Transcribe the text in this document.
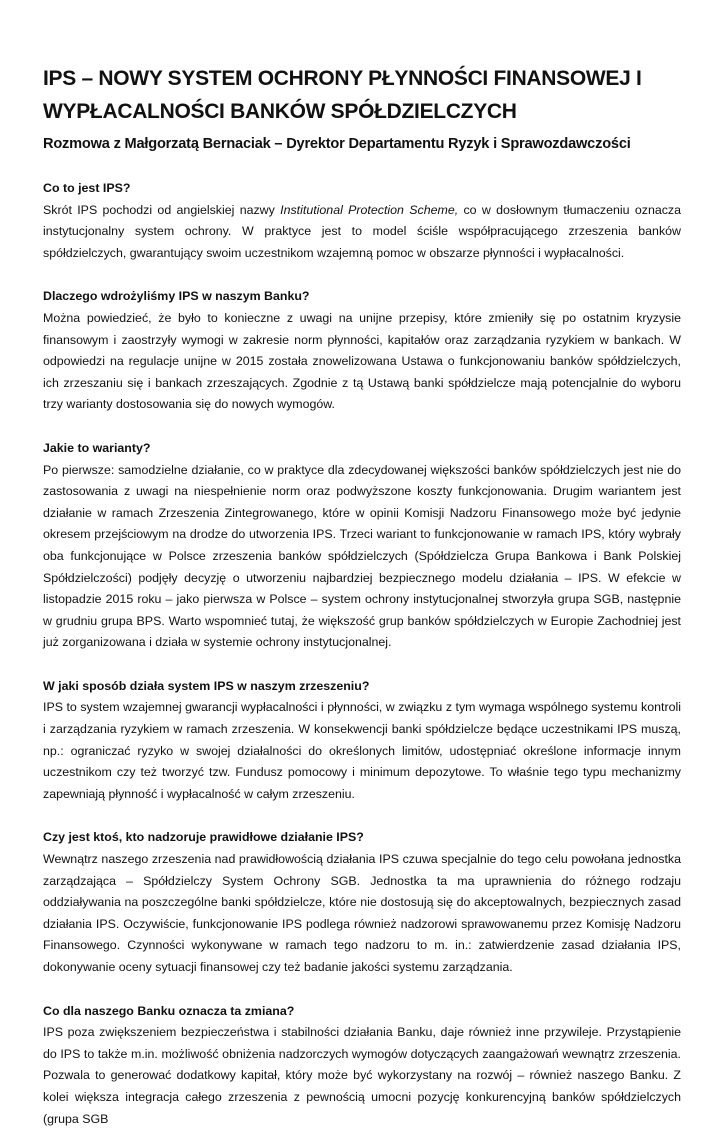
IPS – NOWY SYSTEM OCHRONY PŁYNNOŚCI FINANSOWEJ I WYPŁACALNOŚCI BANKÓW SPÓŁDZIELCZYCH
Rozmowa z Małgorzatą Bernaciak – Dyrektor Departamentu Ryzyk i Sprawozdawczości

Co to jest IPS?

Skrót IPS pochodzi od angielskiej nazwy Institutional Protection Scheme, co w dosłownym tłumaczeniu oznacza instytucjonalny system ochrony. W praktyce jest to model ściśle współpracującego zrzeszenia banków spółdzielczych, gwarantujący swoim uczestnikom wzajemną pomoc w obszarze płynności i wypłacalności.

Dlaczego wdrożyliśmy IPS w naszym Banku?

Można powiedzieć, że było to konieczne z uwagi na unijne przepisy, które zmieniły się po ostatnim kryzysie finansowym i zaostrzyły wymogi w zakresie norm płynności, kapitałów oraz zarządzania ryzykiem w bankach. W odpowiedzi na regulacje unijne w 2015 została znowelizowana Ustawa o funkcjonowaniu banków spółdzielczych, ich zrzeszaniu się i bankach zrzeszających. Zgodnie z tą Ustawą banki spółdzielcze mają potencjalnie do wyboru trzy warianty dostosowania się do nowych wymogów.

Jakie to warianty?

Po pierwsze: samodzielne działanie, co w praktyce dla zdecydowanej większości banków spółdzielczych jest nie do zastosowania z uwagi na niespełnienie norm oraz podwyższone koszty funkcjonowania. Drugim wariantem jest działanie w ramach Zrzeszenia Zintegrowanego, które w opinii Komisji Nadzoru Finansowego może być jedynie okresem przejściowym na drodze do utworzenia IPS. Trzeci wariant to funkcjonowanie w ramach IPS, który wybrały oba funkcjonujące w Polsce zrzeszenia banków spółdzielczych (Spółdzielcza Grupa Bankowa i Bank Polskiej Spółdzielczości) podjęły decyzję o utworzeniu najbardziej bezpiecznego modelu działania – IPS. W efekcie w listopadzie 2015 roku – jako pierwsza w Polsce – system ochrony instytucjonalnej stworzyła grupa SGB, następnie w grudniu grupa BPS. Warto wspomnieć tutaj, że większość grup banków spółdzielczych w Europie Zachodniej jest już zorganizowana i działa w systemie ochrony instytucjonalnej.

W jaki sposób działa system IPS w naszym zrzeszeniu?

IPS to system wzajemnej gwarancji wypłacalności i płynności, w związku z tym wymaga wspólnego systemu kontroli i zarządzania ryzykiem w ramach zrzeszenia. W konsekwencji banki spółdzielcze będące uczestnikami IPS muszą, np.: ograniczać ryzyko w swojej działalności do określonych limitów, udostępniać określone informacje innym uczestnikom czy też tworzyć tzw. Fundusz pomocowy i minimum depozytowe. To właśnie tego typu mechanizmy zapewniają płynność i wypłacalność w całym zrzeszeniu.

Czy jest ktoś, kto nadzoruje prawidłowe działanie IPS?

Wewnątrz naszego zrzeszenia nad prawidłowością działania IPS czuwa specjalnie do tego celu powołana jednostka zarządzająca – Spółdzielczy System Ochrony SGB. Jednostka ta ma uprawnienia do różnego rodzaju oddziaływania na poszczególne banki spółdzielcze, które nie dostosują się do akceptowalnych, bezpiecznych zasad działania IPS. Oczywiście, funkcjonowanie IPS podlega również nadzorowi sprawowanemu przez Komisję Nadzoru Finansowego. Czynności wykonywane w ramach tego nadzoru to m. in.: zatwierdzenie zasad działania IPS, dokonywanie oceny sytuacji finansowej czy też badanie jakości systemu zarządzania.

Co dla naszego Banku oznacza ta zmiana?

IPS poza zwiększeniem bezpieczeństwa i stabilności działania Banku, daje również inne przywileje. Przystąpienie do IPS to także m.in. możliwość obniżenia nadzorczych wymogów dotyczących zaangażowań wewnątrz zrzeszenia. Pozwala to generować dodatkowy kapitał, który może być wykorzystany na rozwój – również naszego Banku. Z kolei większa integracja całego zrzeszenia z pewnością umocni pozycję konkurencyjną banków spółdzielczych (grupa SGB
